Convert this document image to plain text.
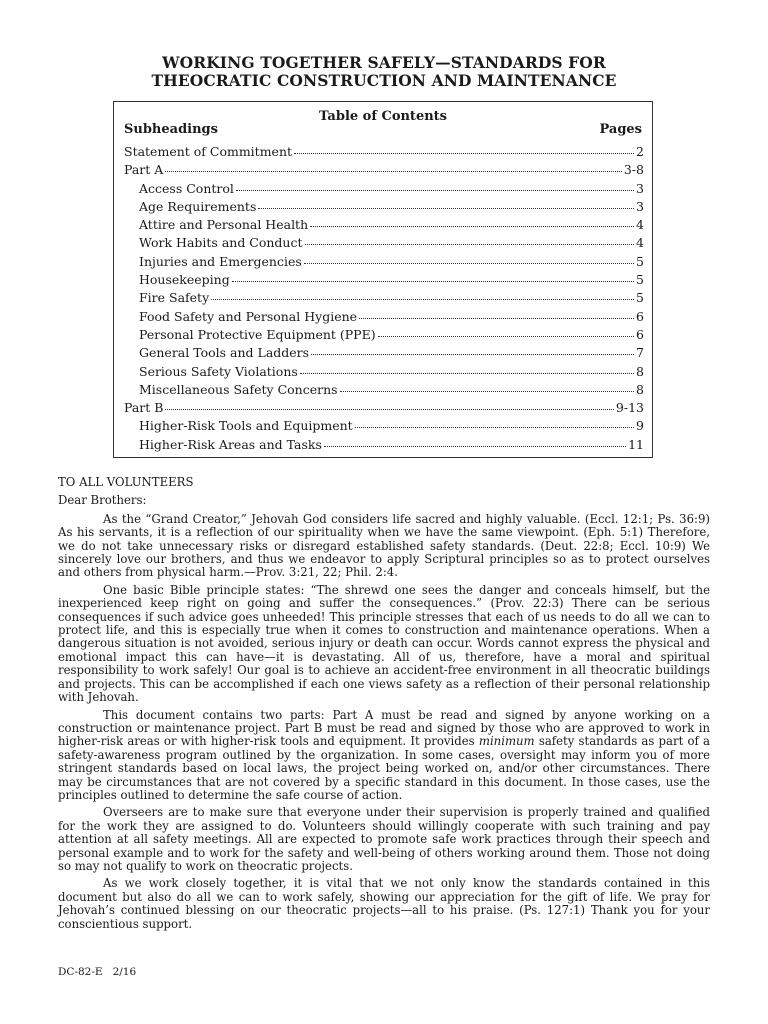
WORKING TOGETHER SAFELY—STANDARDS FOR
THEOCRATIC CONSTRUCTION AND MAINTENANCE
Table of Contents
Subheadings	Pages
Statement of Commitment	2
Part A	3-8
Access Control	3
Age Requirements	3
Attire and Personal Health	4
Work Habits and Conduct	4
Injuries and Emergencies	5
Housekeeping	5
Fire Safety	5
Food Safety and Personal Hygiene	6
Personal Protective Equipment (PPE)	6
General Tools and Ladders	7
Serious Safety Violations	8
Miscellaneous Safety Concerns	8
Part B	9-13
Higher-Risk Tools and Equipment	9
Higher-Risk Areas and Tasks	11

TO ALL VOLUNTEERS

Dear Brothers:

As the “Grand Creator,” Jehovah God considers life sacred and highly valuable. (Eccl. 12:1; Ps. 36:9) As his servants, it is a reflection of our spirituality when we have the same viewpoint. (Eph. 5:1) Therefore, we do not take unnecessary risks or disregard established safety standards. (Deut. 22:8; Eccl. 10:9) We sincerely love our brothers, and thus we endeavor to apply Scriptural principles so as to protect ourselves and others from physical harm.—Prov. 3:21, 22; Phil. 2:4.

One basic Bible principle states: “The shrewd one sees the danger and conceals himself, but the inexperienced keep right on going and suffer the consequences.” (Prov. 22:3) There can be serious consequences if such advice goes unheeded! This principle stresses that each of us needs to do all we can to protect life, and this is especially true when it comes to construction and maintenance operations. When a dangerous situation is not avoided, serious injury or death can occur. Words cannot express the physical and emotional impact this can have—it is devastating. All of us, therefore, have a moral and spiritual responsibility to work safely! Our goal is to achieve an accident-free environment in all theocratic buildings and projects. This can be accomplished if each one views safety as a reflection of their personal relationship with Jehovah.

This document contains two parts: Part A must be read and signed by anyone working on a construction or maintenance project. Part B must be read and signed by those who are approved to work in higher-risk areas or with higher-risk tools and equipment. It provides minimum safety standards as part of a safety-awareness program outlined by the organization. In some cases, oversight may inform you of more stringent standards based on local laws, the project being worked on, and/or other circumstances. There may be circumstances that are not covered by a specific standard in this document. In those cases, use the principles outlined to determine the safe course of action.

Overseers are to make sure that everyone under their supervision is properly trained and qualified for the work they are assigned to do. Volunteers should willingly cooperate with such training and pay attention at all safety meetings. All are expected to promote safe work practices through their speech and personal example and to work for the safety and well-being of others working around them. Those not doing so may not qualify to work on theocratic projects.

As we work closely together, it is vital that we not only know the standards contained in this document but also do all we can to work safely, showing our appreciation for the gift of life. We pray for Jehovah’s continued blessing on our theocratic projects—all to his praise. (Ps. 127:1) Thank you for your conscientious support.

DC-82-E 2/16
